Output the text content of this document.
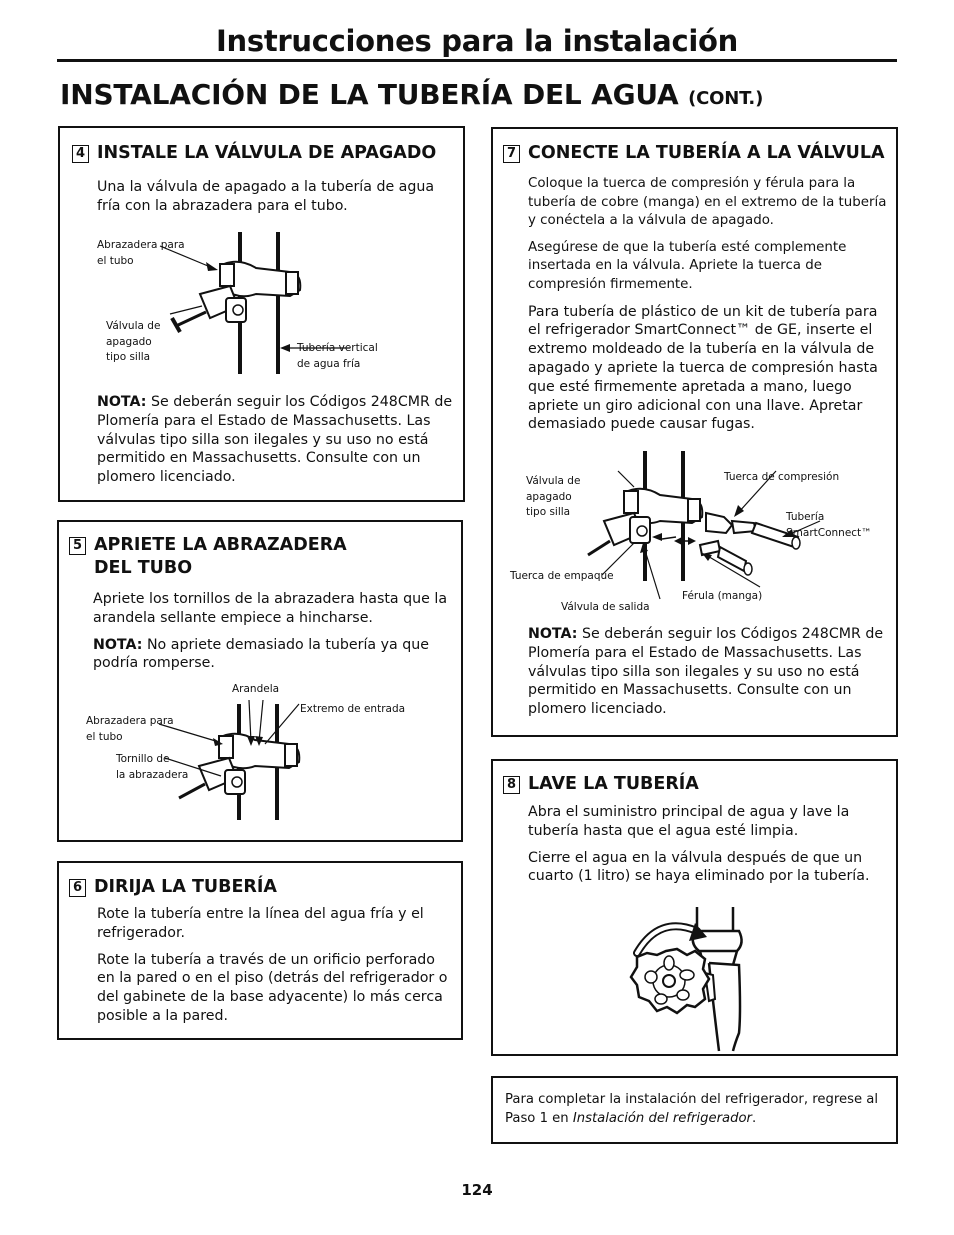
Instrucciones para la instalación
INSTALACIÓN DE LA TUBERÍA DEL AGUA (CONT.)
4 INSTALE LA VÁLVULA DE APAGADO

Una la válvula de apagado a la tubería de agua fría con la abrazadera para el tubo.

Abrazadera para
el tubo
Válvula de
apagado
tipo silla
Tubería vertical
de agua fría

NOTA: Se deberán seguir los Códigos 248CMR de Plomería para el Estado de Massachusetts. Las válvulas tipo silla son ilegales y su uso no está permitido en Massachusetts. Consulte con un plomero licenciado.

5 APRIETE LA ABRAZADERA
DEL TUBO

Apriete los tornillos de la abrazadera hasta que la arandela sellante empiece a hincharse.

NOTA: No apriete demasiado la tubería ya que podría romperse.

Arandela
Extremo de entrada
Abrazadera para
el tubo
Tornillo de
la abrazadera
6 DIRIJA LA TUBERÍA

Rote la tubería entre la línea del agua fría y el refrigerador.

Rote la tubería a través de un orificio perforado en la pared o en el piso (detrás del refrigerador o del gabinete de la base adyacente) lo más cerca posible a la pared.

7 CONECTE LA TUBERÍA A LA VÁLVULA

Coloque la tuerca de compresión y férula para la tubería de cobre (manga) en el extremo de la tubería y conéctela a la válvula de apagado.

Asegúrese de que la tubería esté complemente insertada en la válvula. Apriete la tuerca de compresión firmemente.

Para tubería de plástico de un kit de tubería para el refrigerador SmartConnect™ de GE, inserte el extremo moldeado de la tubería en la válvula de apagado y apriete la tuerca de compresión hasta que esté firmemente apretada a mano, luego apriete un giro adicional con una llave. Apretar demasiado puede causar fugas.

Válvula de
apagado
tipo silla
Tuerca de compresión
Tubería
SmartConnect™
Tuerca de empaque
Férula (manga)
Válvula de salida

NOTA: Se deberán seguir los Códigos 248CMR de Plomería para el Estado de Massachusetts. Las válvulas tipo silla son ilegales y su uso no está permitido en Massachusetts. Consulte con un plomero licenciado.

8 LAVE LA TUBERÍA

Abra el suministro principal de agua y lave la tubería hasta que el agua esté limpia.

Cierre el agua en la válvula después de que un cuarto (1 litro) se haya eliminado por la tubería.

Para completar la instalación del refrigerador, regrese al Paso 1 en Instalación del refrigerador.

124
